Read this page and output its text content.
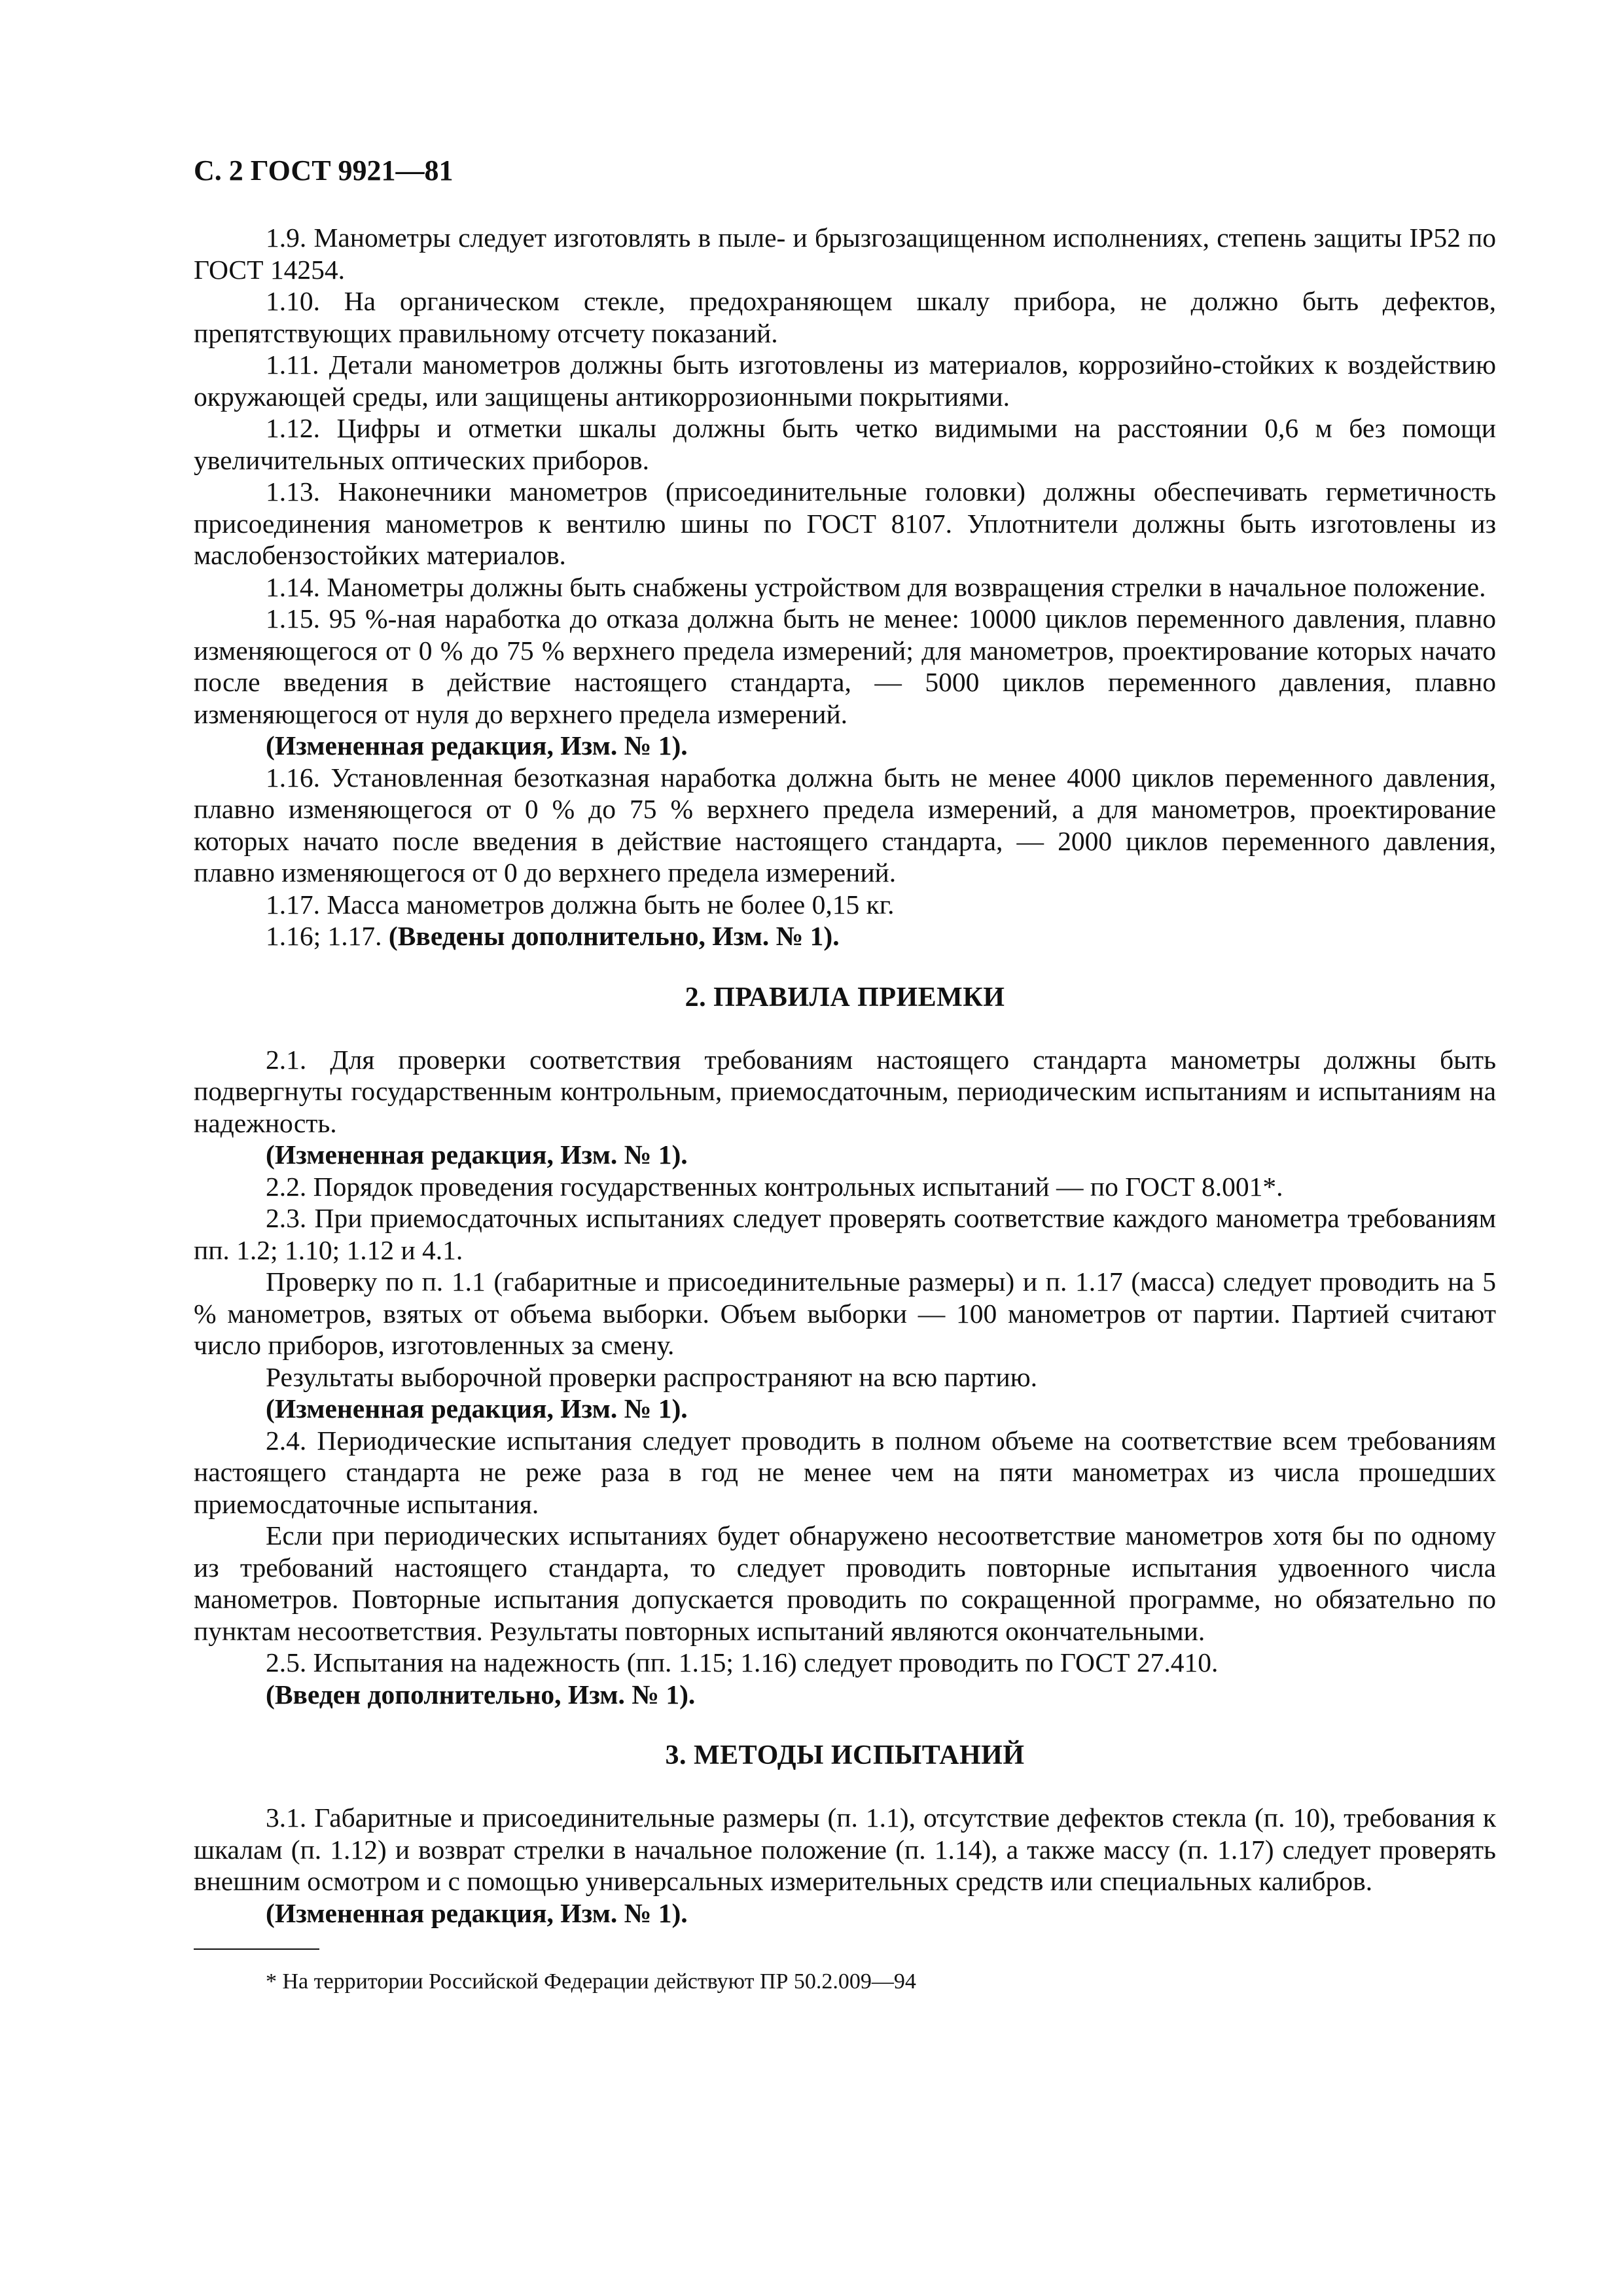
С. 2 ГОСТ 9921—81

1.9. Манометры следует изготовлять в пыле- и брызгозащищенном исполнениях, степень защиты IP52 по ГОСТ 14254.

1.10. На органическом стекле, предохраняющем шкалу прибора, не должно быть дефектов, препятствующих правильному отсчету показаний.

1.11. Детали манометров должны быть изготовлены из материалов, коррозийно-стойких к воздействию окружающей среды, или защищены антикоррозионными покрытиями.

1.12. Цифры и отметки шкалы должны быть четко видимыми на расстоянии 0,6 м без помощи увеличительных оптических приборов.

1.13. Наконечники манометров (присоединительные головки) должны обеспечивать герметичность присоединения манометров к вентилю шины по ГОСТ 8107. Уплотнители должны быть изготовлены из маслобензостойких материалов.

1.14. Манометры должны быть снабжены устройством для возвращения стрелки в начальное положение.

1.15. 95 %-ная наработка до отказа должна быть не менее: 10000 циклов переменного давления, плавно изменяющегося от 0 % до 75 % верхнего предела измерений; для манометров, проектирование которых начато после введения в действие настоящего стандарта, — 5000 циклов переменного давления, плавно изменяющегося от нуля до верхнего предела измерений.

(Измененная редакция, Изм. № 1).

1.16. Установленная безотказная наработка должна быть не менее 4000 циклов переменного давления, плавно изменяющегося от 0 % до 75 % верхнего предела измерений, а для манометров, проектирование которых начато после введения в действие настоящего стандарта, — 2000 циклов переменного давления, плавно изменяющегося от 0 до верхнего предела измерений.

1.17. Масса манометров должна быть не более 0,15 кг.

1.16; 1.17. (Введены дополнительно, Изм. № 1).

2. ПРАВИЛА ПРИЕМКИ

2.1. Для проверки соответствия требованиям настоящего стандарта манометры должны быть подвергнуты государственным контрольным, приемосдаточным, периодическим испытаниям и испытаниям на надежность.

(Измененная редакция, Изм. № 1).

2.2. Порядок проведения государственных контрольных испытаний — по ГОСТ 8.001*.

2.3. При приемосдаточных испытаниях следует проверять соответствие каждого манометра требованиям пп. 1.2; 1.10; 1.12 и 4.1.

Проверку по п. 1.1 (габаритные и присоединительные размеры) и п. 1.17 (масса) следует проводить на 5 % манометров, взятых от объема выборки. Объем выборки — 100 манометров от партии. Партией считают число приборов, изготовленных за смену.

Результаты выборочной проверки распространяют на всю партию.

(Измененная редакция, Изм. № 1).

2.4. Периодические испытания следует проводить в полном объеме на соответствие всем требованиям настоящего стандарта не реже раза в год не менее чем на пяти манометрах из числа прошедших приемосдаточные испытания.

Если при периодических испытаниях будет обнаружено несоответствие манометров хотя бы по одному из требований настоящего стандарта, то следует проводить повторные испытания удвоенного числа манометров. Повторные испытания допускается проводить по сокращенной программе, но обязательно по пунктам несоответствия. Результаты повторных испытаний являются окончательными.

2.5. Испытания на надежность (пп. 1.15; 1.16) следует проводить по ГОСТ 27.410.

(Введен дополнительно, Изм. № 1).

3. МЕТОДЫ ИСПЫТАНИЙ

3.1. Габаритные и присоединительные размеры (п. 1.1), отсутствие дефектов стекла (п. 10), требования к шкалам (п. 1.12) и возврат стрелки в начальное положение (п. 1.14), а также массу (п. 1.17) следует проверять внешним осмотром и с помощью универсальных измерительных средств или специальных калибров.

(Измененная редакция, Изм. № 1).

* На территории Российской Федерации действуют ПР 50.2.009—94
